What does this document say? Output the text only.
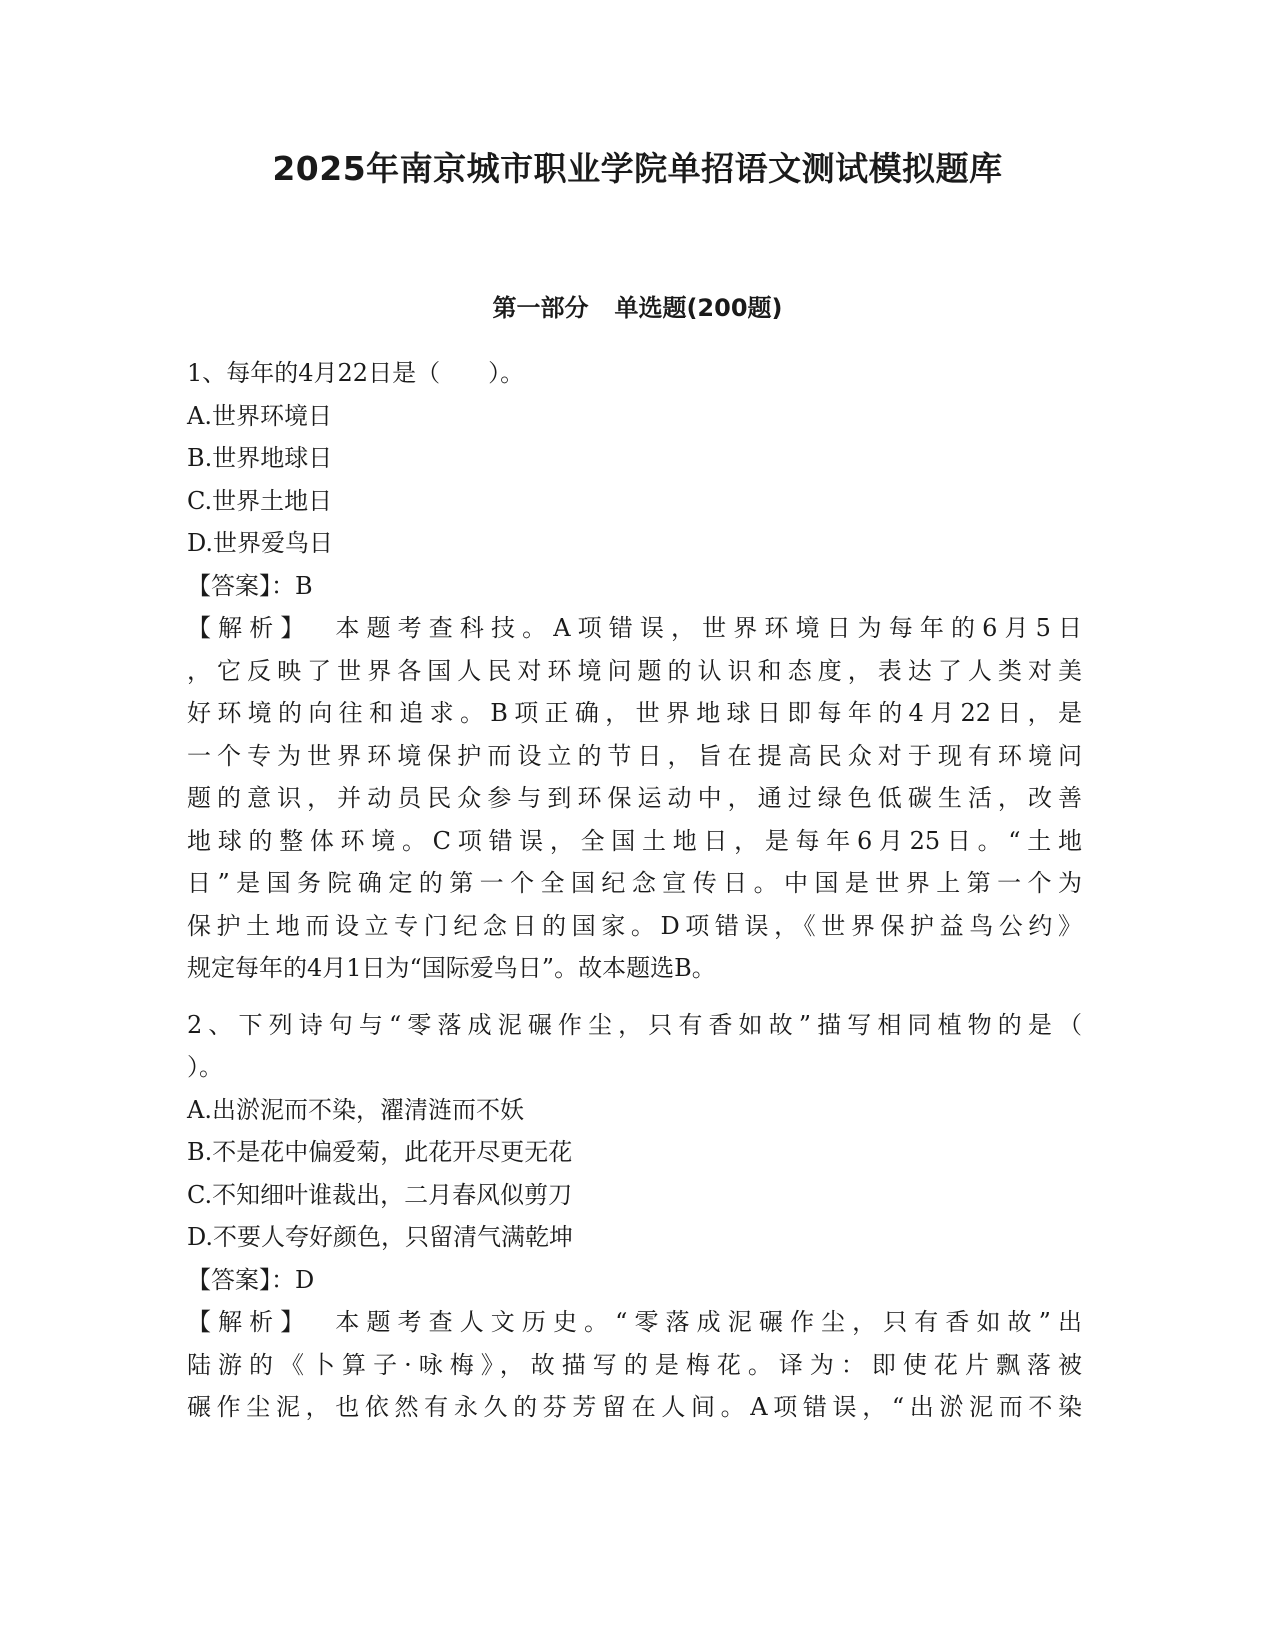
2025年南京城市职业学院单招语文测试模拟题库
第一部分 单选题(200题)
1、每年的4月22日是（　　）。
A.世界环境日
B.世界地球日
C.世界土地日
D.世界爱鸟日
【答案】：B
【解析】 本题考查科技。A项错误，世界环境日为每年的6月5日
，它反映了世界各国人民对环境问题的认识和态度，表达了人类对美
好环境的向往和追求。B项正确，世界地球日即每年的4月22日，是
一个专为世界环境保护而设立的节日，旨在提高民众对于现有环境问
题的意识，并动员民众参与到环保运动中，通过绿色低碳生活，改善
地球的整体环境。C项错误，全国土地日，是每年6月25日。“土地
日”是国务院确定的第一个全国纪念宣传日。中国是世界上第一个为
保护土地而设立专门纪念日的国家。D项错误，《世界保护益鸟公约》
规定每年的4月1日为“国际爱鸟日”。故本题选B。
2、下列诗句与“零落成泥碾作尘，只有香如故”描写相同植物的是（
）。
A.出淤泥而不染，濯清涟而不妖
B.不是花中偏爱菊，此花开尽更无花
C.不知细叶谁裁出，二月春风似剪刀
D.不要人夸好颜色，只留清气满乾坤
【答案】：D
【解析】 本题考查人文历史。“零落成泥碾作尘，只有香如故”出
陆游的《卜算子·咏梅》，故描写的是梅花。译为：即使花片飘落被
碾作尘泥，也依然有永久的芬芳留在人间。A项错误，“出淤泥而不染
